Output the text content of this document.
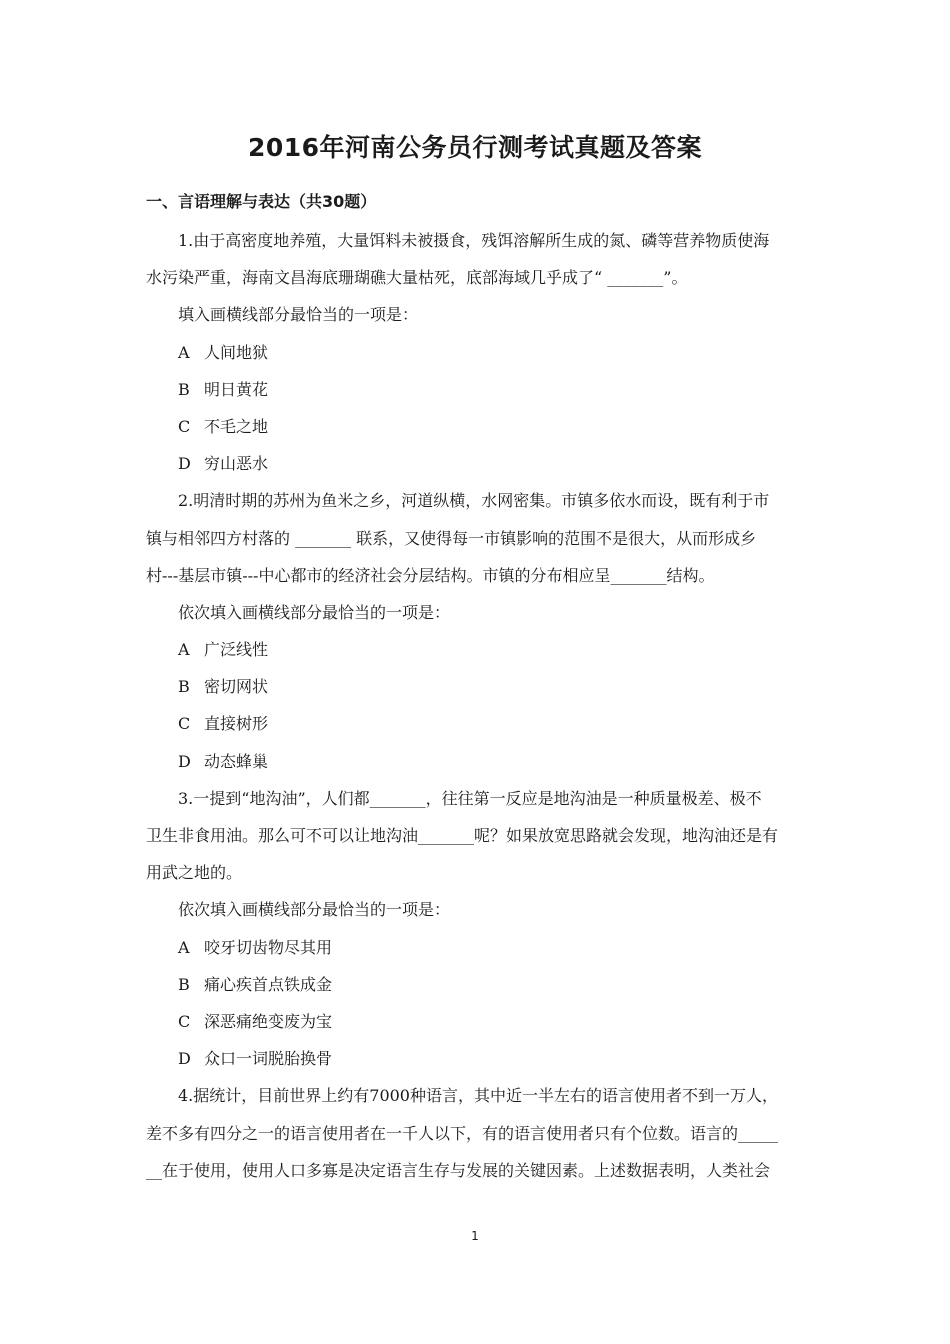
2016年河南公务员行测考试真题及答案
一、言语理解与表达（共30题）
1.由于高密度地养殖，大量饵料未被摄食，残饵溶解所生成的氮、磷等营养物质使海
水污染严重，海南文昌海底珊瑚礁大量枯死，底部海域几乎成了“ _______”。
填入画横线部分最恰当的一项是：
A 人间地狱
B 明日黄花
C 不毛之地
D 穷山恶水
2.明清时期的苏州为鱼米之乡，河道纵横，水网密集。市镇多依水而设，既有利于市
镇与相邻四方村落的 _______ 联系，又使得每一市镇影响的范围不是很大，从而形成乡
村---基层市镇---中心都市的经济社会分层结构。市镇的分布相应呈_______结构。
依次填入画横线部分最恰当的一项是：
A 广泛线性
B 密切网状
C 直接树形
D 动态蜂巢
3.一提到“地沟油”，人们都_______，往往第一反应是地沟油是一种质量极差、极不
卫生非食用油。那么可不可以让地沟油_______呢？如果放宽思路就会发现，地沟油还是有
用武之地的。
依次填入画横线部分最恰当的一项是：
A 咬牙切齿物尽其用
B 痛心疾首点铁成金
C 深恶痛绝变废为宝
D 众口一词脱胎换骨
4.据统计，目前世界上约有7000种语言，其中近一半左右的语言使用者不到一万人，
差不多有四分之一的语言使用者在一千人以下，有的语言使用者只有个位数。语言的_____
__在于使用，使用人口多寡是决定语言生存与发展的关键因素。上述数据表明，人类社会
1
